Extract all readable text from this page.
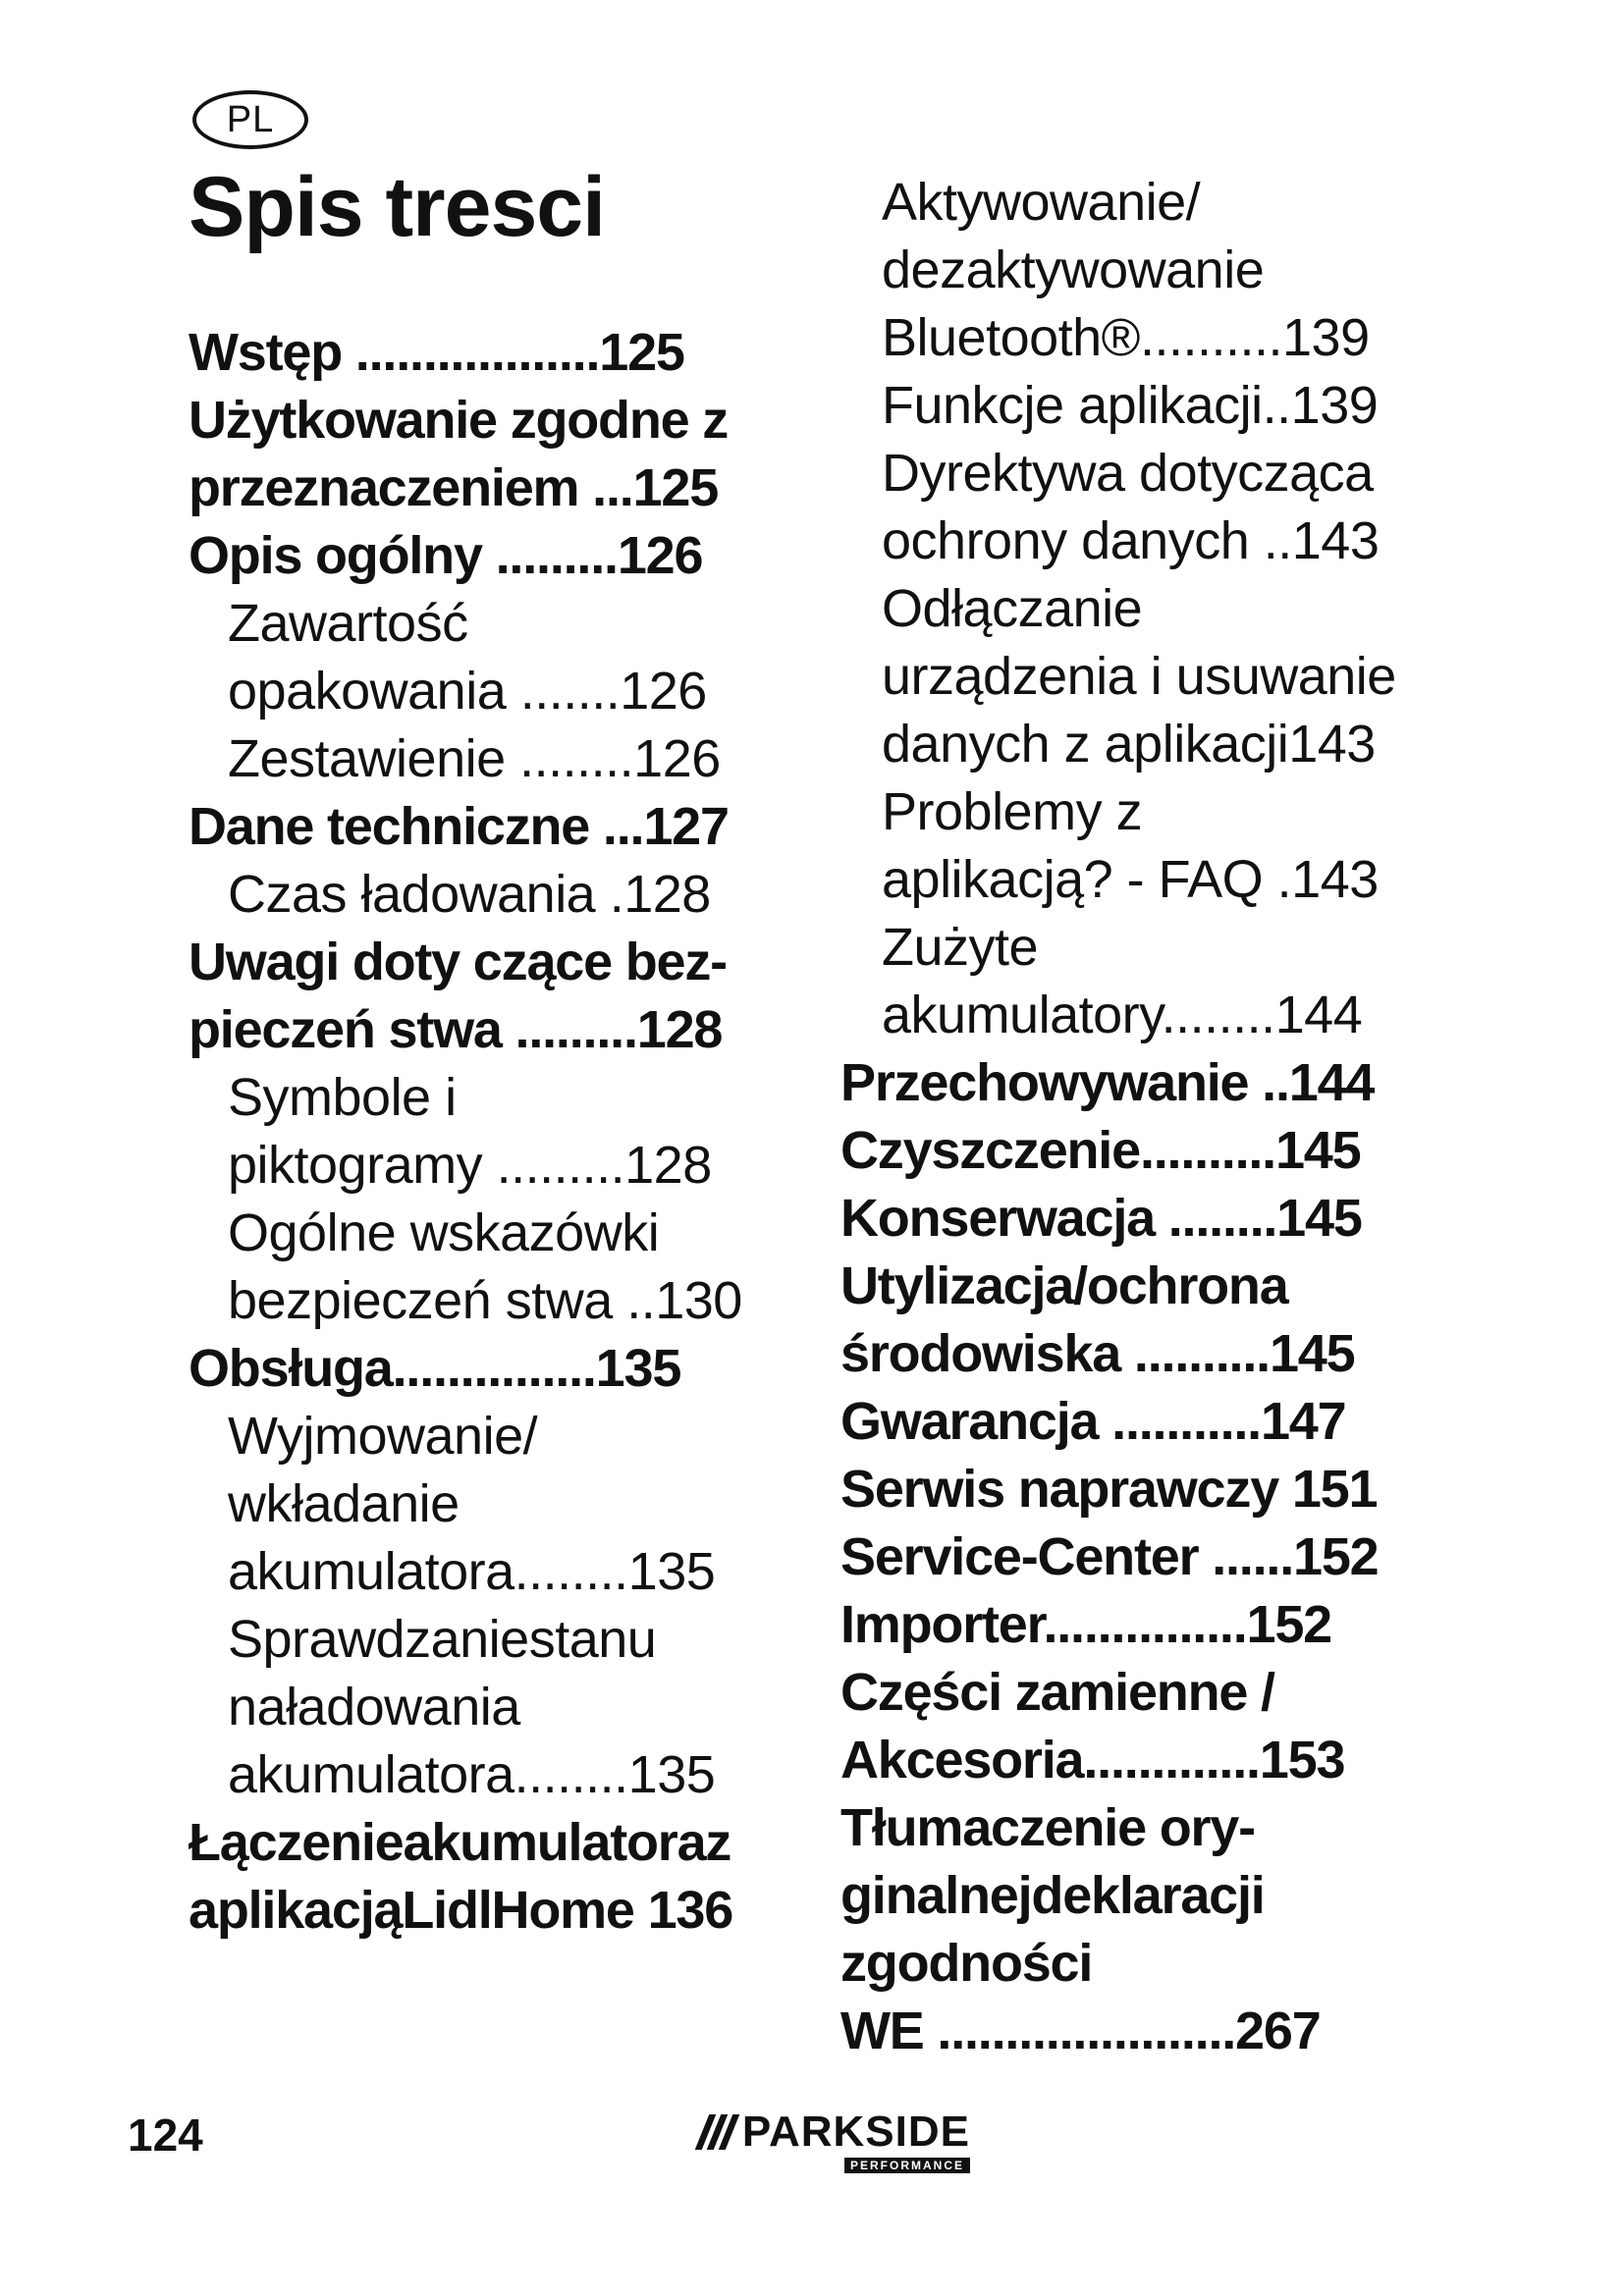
PL
Spis tresci
Wstęp ..................125
Użytkowanie zgodne z
przeznaczeniem ...125
Opis ogólny .........126
Zawartość
opakowania .......126
Zestawienie ........126
Dane techniczne ...127
Czas ładowania .128
Uwagi doty czące bez-
pieczeń stwa .........128
Symbole i
piktogramy .........128
Ogólne wskazówki
bezpieczeń stwa ..130
Obsługa...............135
Wyjmowanie/
wkładanie
akumulatora........135
Sprawdzaniestanu
naładowania
akumulatora........135
Łączenieakumulatoraz
aplikacjąLidlHome 136
Aktywowanie/
dezaktywowanie
Bluetooth®..........139
Funkcje aplikacji..139
Dyrektywa dotycząca
ochrony danych ..143
Odłączanie
urządzenia i usuwanie
danych z aplikacji143
Problemy z
aplikacją? - FAQ .143
Zużyte
akumulatory........144
Przechowywanie ..144
Czyszczenie..........145
Konserwacja ........145
Utylizacja/ochrona
środowiska ..........145
Gwarancja ...........147
Serwis naprawczy 151
Service-Center ......152
Importer...............152
Części zamienne /
Akcesoria.............153
Tłumaczenie ory-
ginalnejdeklaracji
zgodności
WE ......................267
124	PARKSIDE
PERFORMANCE
